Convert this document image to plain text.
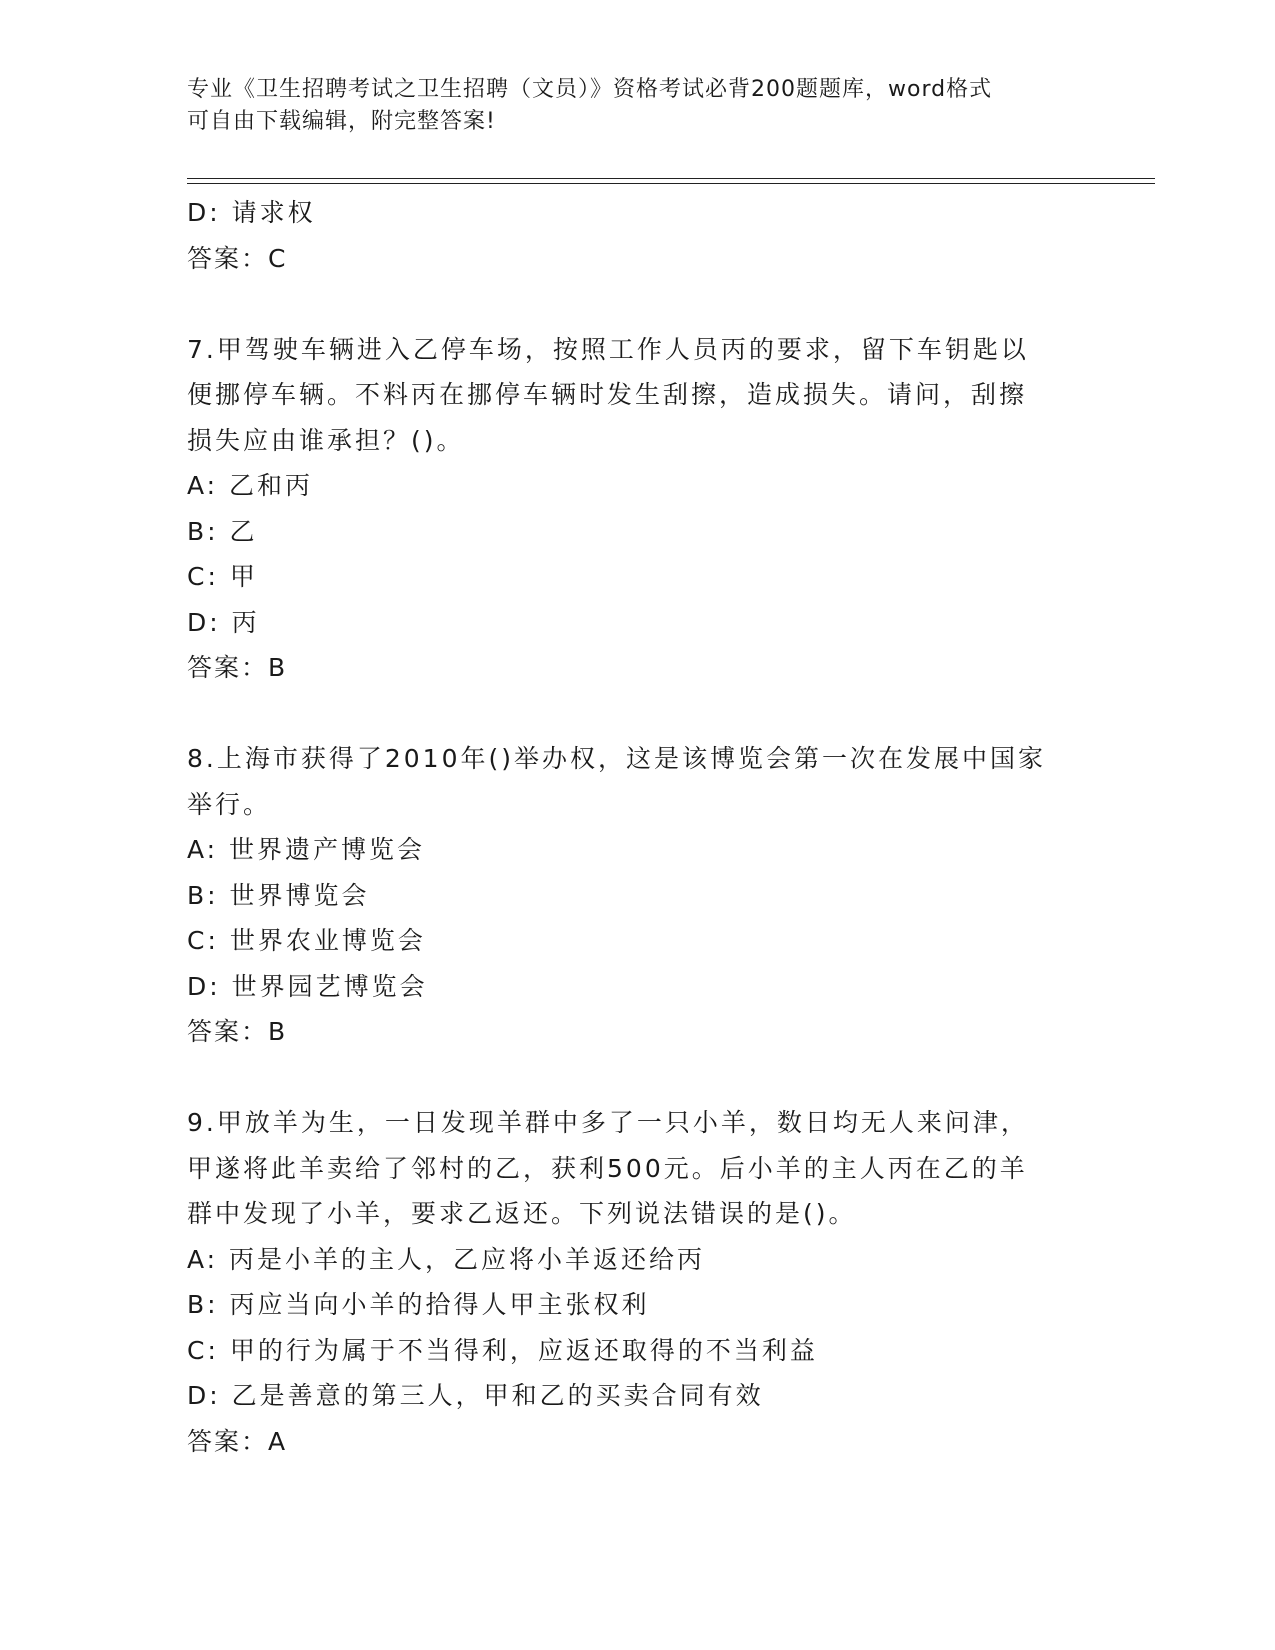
专业《卫生招聘考试之卫生招聘（文员）》资格考试必背200题题库，word格式
可自由下载编辑，附完整答案!
D: 请求权
答案：C
7.甲驾驶车辆进入乙停车场，按照工作人员丙的要求，留下车钥匙以
便挪停车辆。不料丙在挪停车辆时发生刮擦，造成损失。请问，刮擦
损失应由谁承担？()。
A: 乙和丙
B: 乙
C: 甲
D: 丙
答案：B
8.上海市获得了2010年()举办权，这是该博览会第一次在发展中国家
举行。
A: 世界遗产博览会
B: 世界博览会
C: 世界农业博览会
D: 世界园艺博览会
答案：B
9.甲放羊为生，一日发现羊群中多了一只小羊，数日均无人来问津，
甲遂将此羊卖给了邻村的乙，获利500元。后小羊的主人丙在乙的羊
群中发现了小羊，要求乙返还。下列说法错误的是()。
A: 丙是小羊的主人，乙应将小羊返还给丙
B: 丙应当向小羊的拾得人甲主张权利
C: 甲的行为属于不当得利，应返还取得的不当利益
D: 乙是善意的第三人，甲和乙的买卖合同有效
答案：A
